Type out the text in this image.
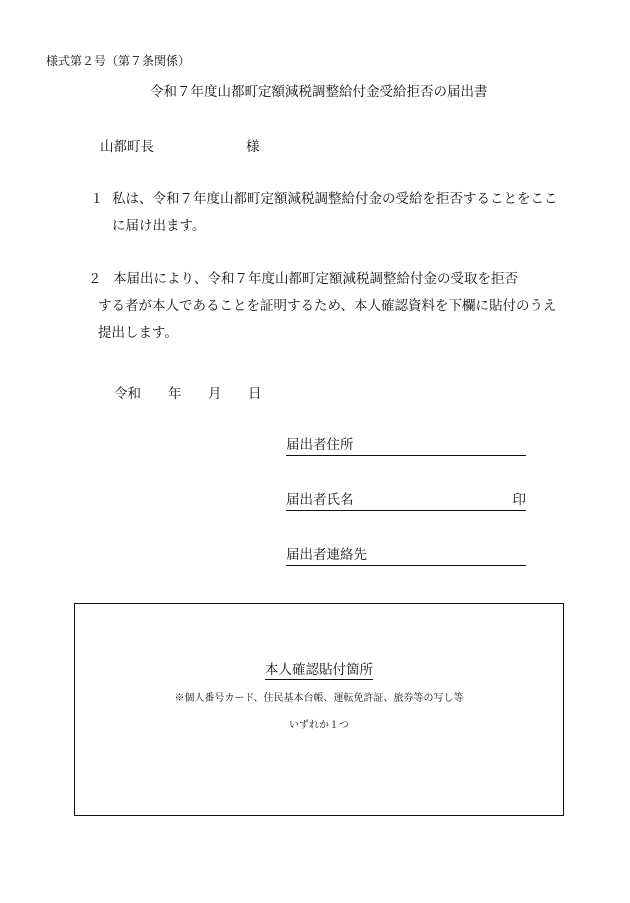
様式第２号（第７条関係）
令和７年度山都町定額減税調整給付金受給拒否の届出書
山都町長	様
１ 私は、令和７年度山都町定額減税調整給付金の受給を拒否することをここ
に届け出ます。
２ 本届出により、令和７年度山都町定額減税調整給付金の受取を拒否
する者が本人であることを証明するため、本人確認資料を下欄に貼付のうえ
提出します。
令和 年 月 日
届出者住所
届出者氏名	印
届出者連絡先
本人確認貼付箇所
※個人番号カード、住民基本台帳、運転免許証、旅券等の写し等
いずれか１つ
